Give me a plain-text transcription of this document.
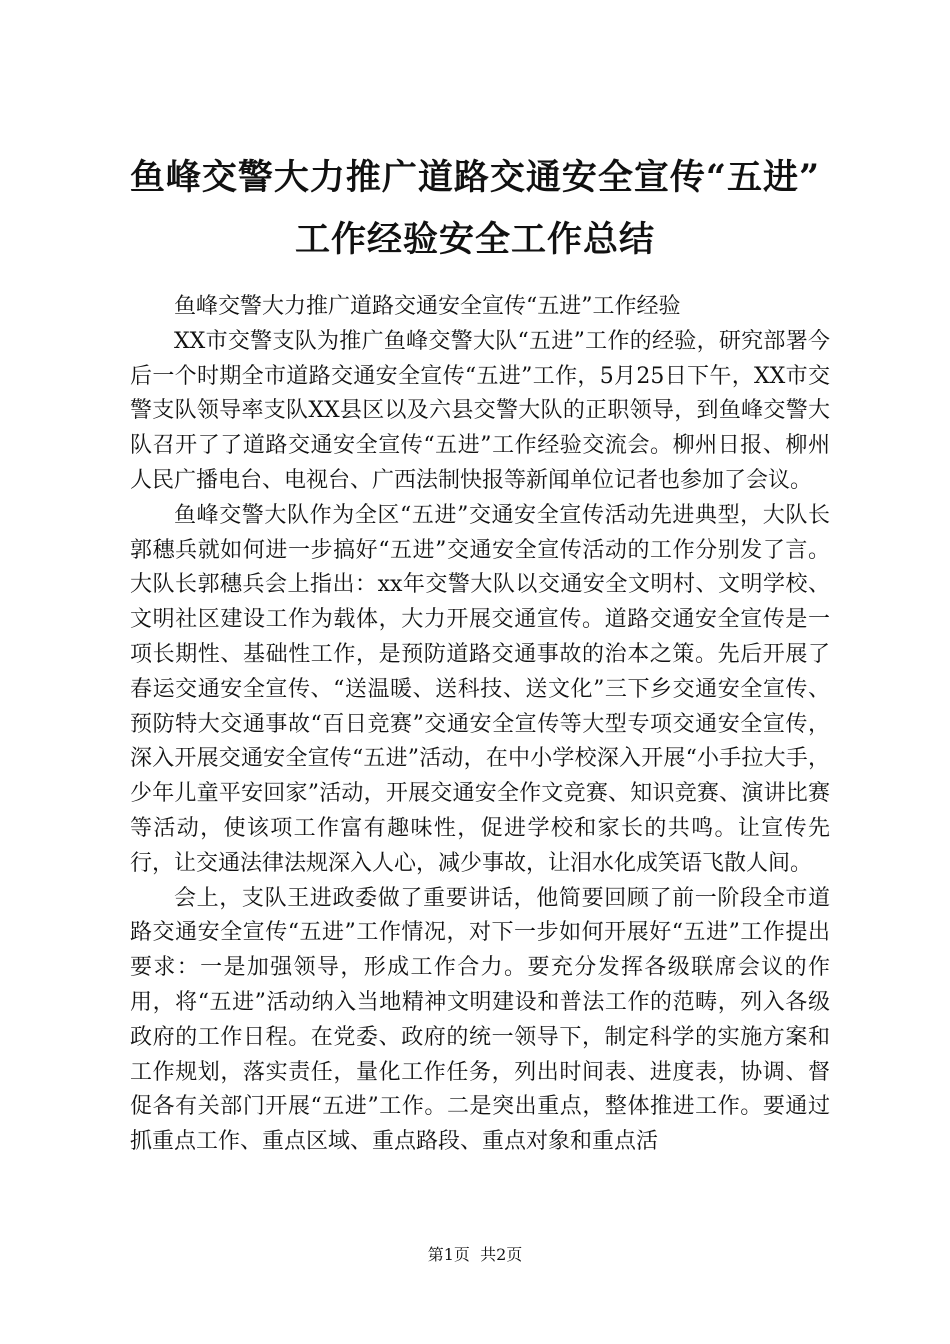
鱼峰交警大力推广道路交通安全宣传“五进”
工作经验安全工作总结

鱼峰交警大力推广道路交通安全宣传“五进”工作经验

XX市交警支队为推广鱼峰交警大队“五进”工作的经验，研究部署今后一个时期全市道路交通安全宣传“五进”工作，5月25日下午，XX市交警支队领导率支队XX县区以及六县交警大队的正职领导，到鱼峰交警大队召开了了道路交通安全宣传“五进”工作经验交流会。柳州日报、柳州人民广播电台、电视台、广西法制快报等新闻单位记者也参加了会议。

鱼峰交警大队作为全区“五进”交通安全宣传活动先进典型，大队长郭穗兵就如何进一步搞好“五进”交通安全宣传活动的工作分别发了言。大队长郭穗兵会上指出：xx年交警大队以交通安全文明村、文明学校、文明社区建设工作为载体，大力开展交通宣传。道路交通安全宣传是一项长期性、基础性工作，是预防道路交通事故的治本之策。先后开展了春运交通安全宣传、“送温暖、送科技、送文化”三下乡交通安全宣传、预防特大交通事故“百日竞赛”交通安全宣传等大型专项交通安全宣传，深入开展交通安全宣传“五进”活动，在中小学校深入开展“小手拉大手，少年儿童平安回家”活动，开展交通安全作文竞赛、知识竞赛、演讲比赛等活动，使该项工作富有趣味性，促进学校和家长的共鸣。让宣传先行，让交通法律法规深入人心，减少事故，让泪水化成笑语飞散人间。

会上，支队王进政委做了重要讲话，他简要回顾了前一阶段全市道路交通安全宣传“五进”工作情况，对下一步如何开展好“五进”工作提出要求：一是加强领导，形成工作合力。要充分发挥各级联席会议的作用，将“五进”活动纳入当地精神文明建设和普法工作的范畴，列入各级政府的工作日程。在党委、政府的统一领导下，制定科学的实施方案和工作规划，落实责任，量化工作任务，列出时间表、进度表，协调、督促各有关部门开展“五进”工作。二是突出重点，整体推进工作。要通过抓重点工作、重点区域、重点路段、重点对象和重点活

第1页 共2页
